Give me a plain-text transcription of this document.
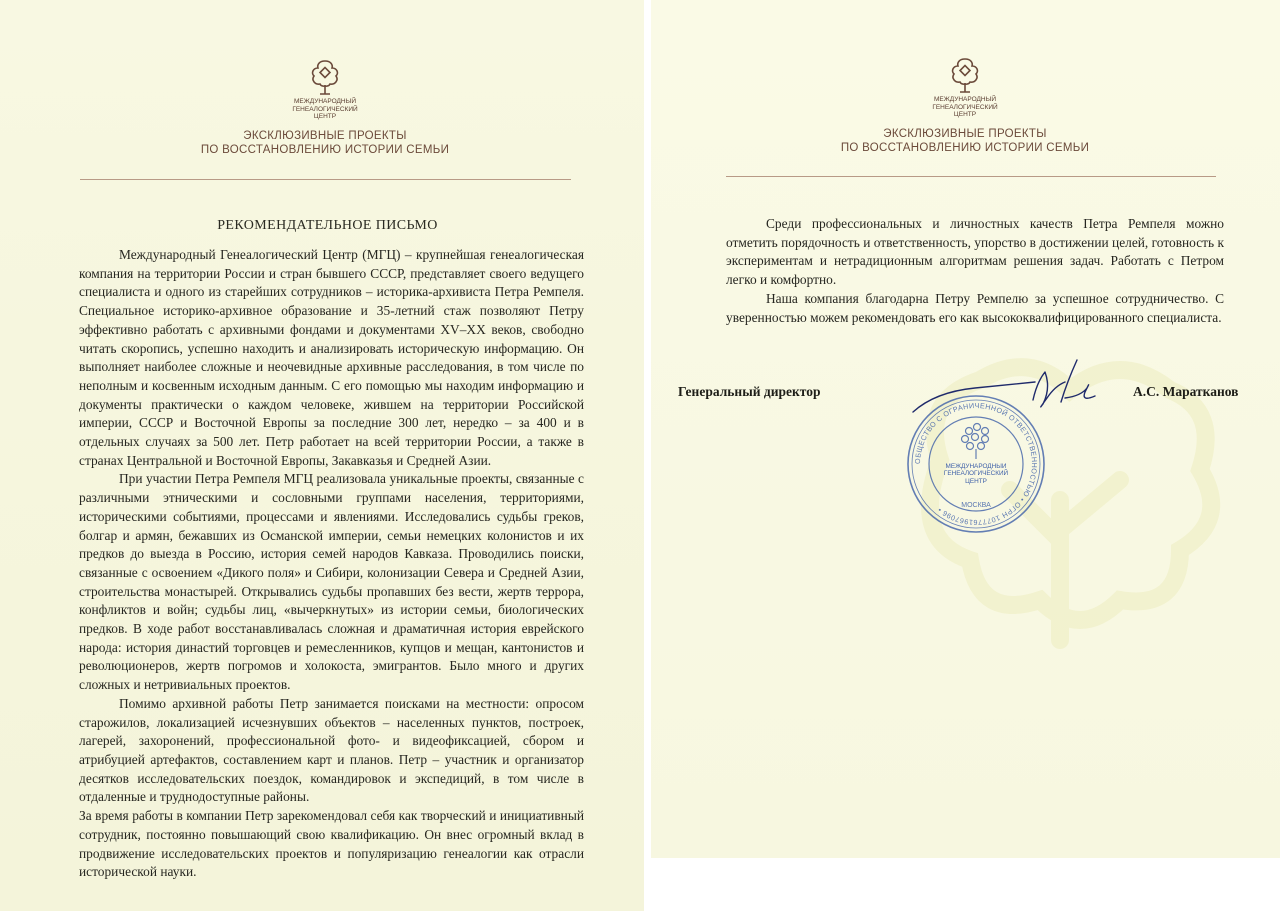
МЕЖДУНАРОДНЫЙ
ГЕНЕАЛОГИЧЕСКИЙ
ЦЕНТР
ЭКСКЛЮЗИВНЫЕ ПРОЕКТЫ
ПО ВОССТАНОВЛЕНИЮ ИСТОРИИ СЕМЬИ
МЕЖДУНАРОДНЫЙ
ГЕНЕАЛОГИЧЕСКИЙ
ЦЕНТР
ЭКСКЛЮЗИВНЫЕ ПРОЕКТЫ
ПО ВОССТАНОВЛЕНИЮ ИСТОРИИ СЕМЬИ
РЕКОМЕНДАТЕЛЬНОЕ ПИСЬМО

Международный Генеалогический Центр (МГЦ) – крупнейшая генеалогическая компания на территории России и стран бывшего СССР, представляет своего ведущего специалиста и одного из старейших сотрудников – историка-архивиста Петра Ремпеля. Специальное историко-архивное образование и 35-летний стаж позволяют Петру эффективно работать с архивными фондами и документами XV–XX веков, свободно читать скоропись, успешно находить и анализировать историческую информацию. Он выполняет наиболее сложные и неочевидные архивные расследования, в том числе по неполным и косвенным исходным данным. С его помощью мы находим информацию и документы практически о каждом человеке, жившем на территории Российской империи, СССР и Восточной Европы за последние 300 лет, нередко – за 400 и в отдельных случаях за 500 лет. Петр работает на всей территории России, а также в странах Центральной и Восточной Европы, Закавказья и Средней Азии.

При участии Петра Ремпеля МГЦ реализовала уникальные проекты, связанные с различными этническими и сословными группами населения, территориями, историческими событиями, процессами и явлениями. Исследовались судьбы греков, болгар и армян, бежавших из Османской империи, семьи немецких колонистов и их предков до выезда в Россию, история семей народов Кавказа. Проводились поиски, связанные с освоением «Дикого поля» и Сибири, колонизации Севера и Средней Азии, строительства монастырей. Открывались судьбы пропавших без вести, жертв террора, конфликтов и войн; судьбы лиц, «вычеркнутых» из истории семьи, биологических предков. В ходе работ восстанавливалась сложная и драматичная история еврейского народа: история династий торговцев и ремесленников, купцов и мещан, кантонистов и революционеров, жертв погромов и холокоста, эмигрантов. Было много и других сложных и нетривиальных проектов.

Помимо архивной работы Петр занимается поисками на местности: опросом старожилов, локализацией исчезнувших объектов – населенных пунктов, построек, лагерей, захоронений, профессиональной фото- и видеофиксацией, сбором и атрибуцией артефактов, составлением карт и планов. Петр – участник и организатор десятков исследовательских поездок, командировок и экспедиций, в том числе в отдаленные и труднодоступные районы.

За время работы в компании Петр зарекомендовал себя как творческий и инициативный сотрудник, постоянно повышающий свою квалификацию. Он внес огромный вклад в продвижение исследовательских проектов и популяризацию генеалогии как отрасли исторической науки.

Среди профессиональных и личностных качеств Петра Ремпеля можно отметить порядочность и ответственность, упорство в достижении целей, готовность к экспериментам и нетрадиционным алгоритмам решения задач. Работать с Петром легко и комфортно.

Наша компания благодарна Петру Ремпелю за успешное сотрудничество. С уверенностью можем рекомендовать его как высококвалифицированного специалиста.

Генеральный директор	А.С. Маратканов
ОБЩЕСТВО С ОГРАНИЧЕННОЙ ОТВЕТСТВЕННОСТЬЮ • ОГРН 1077761967096 •
МЕЖДУНАРОДНЫЙ ГЕНЕАЛОГИЧЕСКИЙ ЦЕНТР
МОСКВА
